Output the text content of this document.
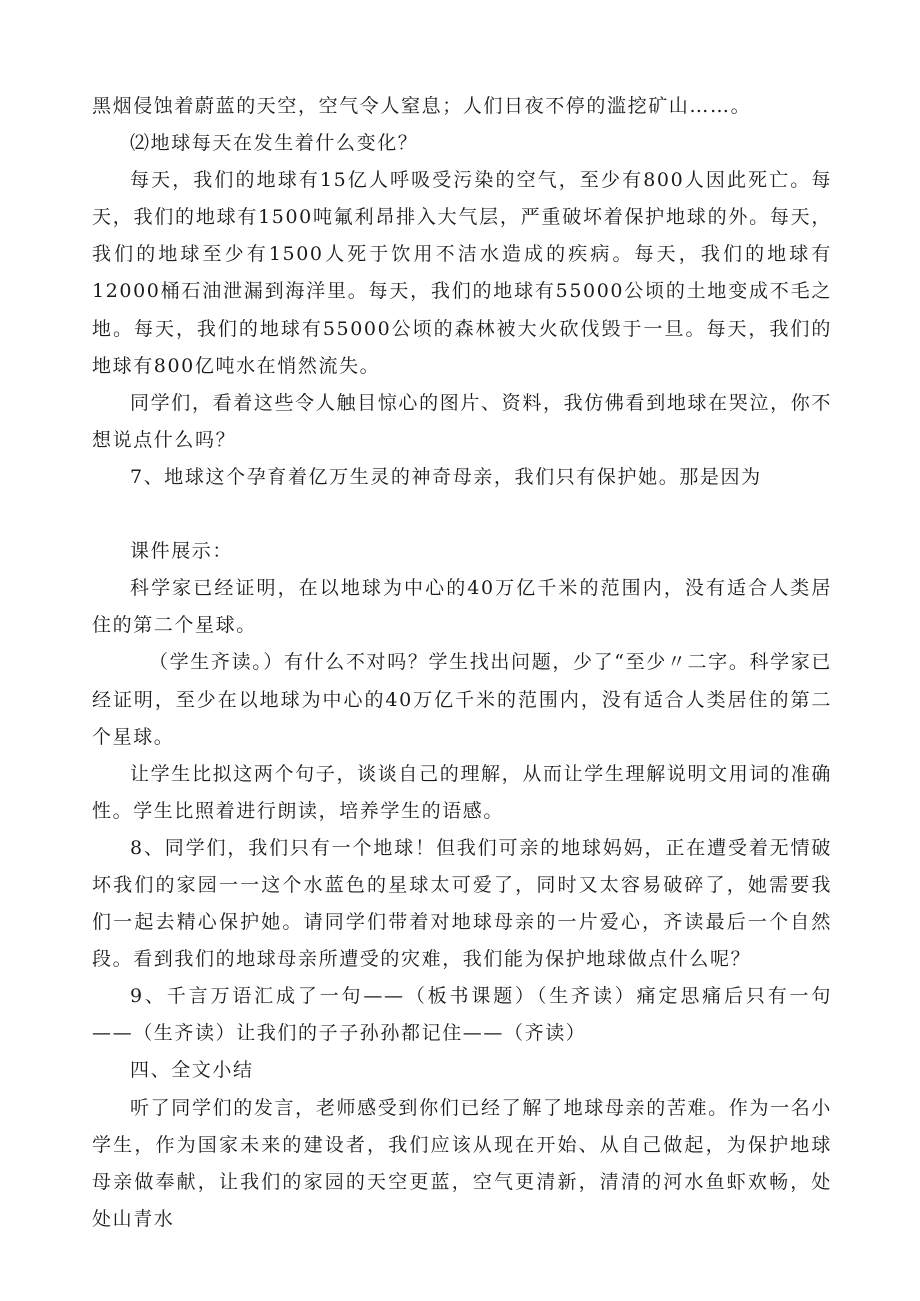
黑烟侵蚀着蔚蓝的天空，空气令人窒息；人们日夜不停的滥挖矿山……。

⑵地球每天在发生着什么变化？

每天，我们的地球有15亿人呼吸受污染的空气，至少有800人因此死亡。每天，我们的地球有1500吨氟利昂排入大气层，严重破坏着保护地球的外。每天，我们的地球至少有1500人死于饮用不洁水造成的疾病。每天，我们的地球有12000桶石油泄漏到海洋里。每天，我们的地球有55000公顷的土地变成不毛之地。每天，我们的地球有55000公顷的森林被大火砍伐毁于一旦。每天，我们的地球有800亿吨水在悄然流失。

同学们，看着这些令人触目惊心的图片、资料，我仿佛看到地球在哭泣，你不想说点什么吗？

7、地球这个孕育着亿万生灵的神奇母亲，我们只有保护她。那是因为

课件展示：

科学家已经证明，在以地球为中心的40万亿千米的范围内，没有适合人类居住的第二个星球。

（学生齐读。）有什么不对吗？学生找出问题，少了“至少〃二字。科学家已经证明，至少在以地球为中心的40万亿千米的范围内，没有适合人类居住的第二个星球。

让学生比拟这两个句子，谈谈自己的理解，从而让学生理解说明文用词的准确性。学生比照着进行朗读，培养学生的语感。

8、同学们，我们只有一个地球！但我们可亲的地球妈妈，正在遭受着无情破坏我们的家园一一这个水蓝色的星球太可爱了，同时又太容易破碎了，她需要我们一起去精心保护她。请同学们带着对地球母亲的一片爱心，齐读最后一个自然段。看到我们的地球母亲所遭受的灾难，我们能为保护地球做点什么呢？

9、千言万语汇成了一句——（板书课题）（生齐读）痛定思痛后只有一句——（生齐读）让我们的子子孙孙都记住——（齐读）

四、全文小结

听了同学们的发言，老师感受到你们已经了解了地球母亲的苦难。作为一名小学生，作为国家未来的建设者，我们应该从现在开始、从自己做起，为保护地球母亲做奉献，让我们的家园的天空更蓝，空气更清新，清清的河水鱼虾欢畅，处处山青水
